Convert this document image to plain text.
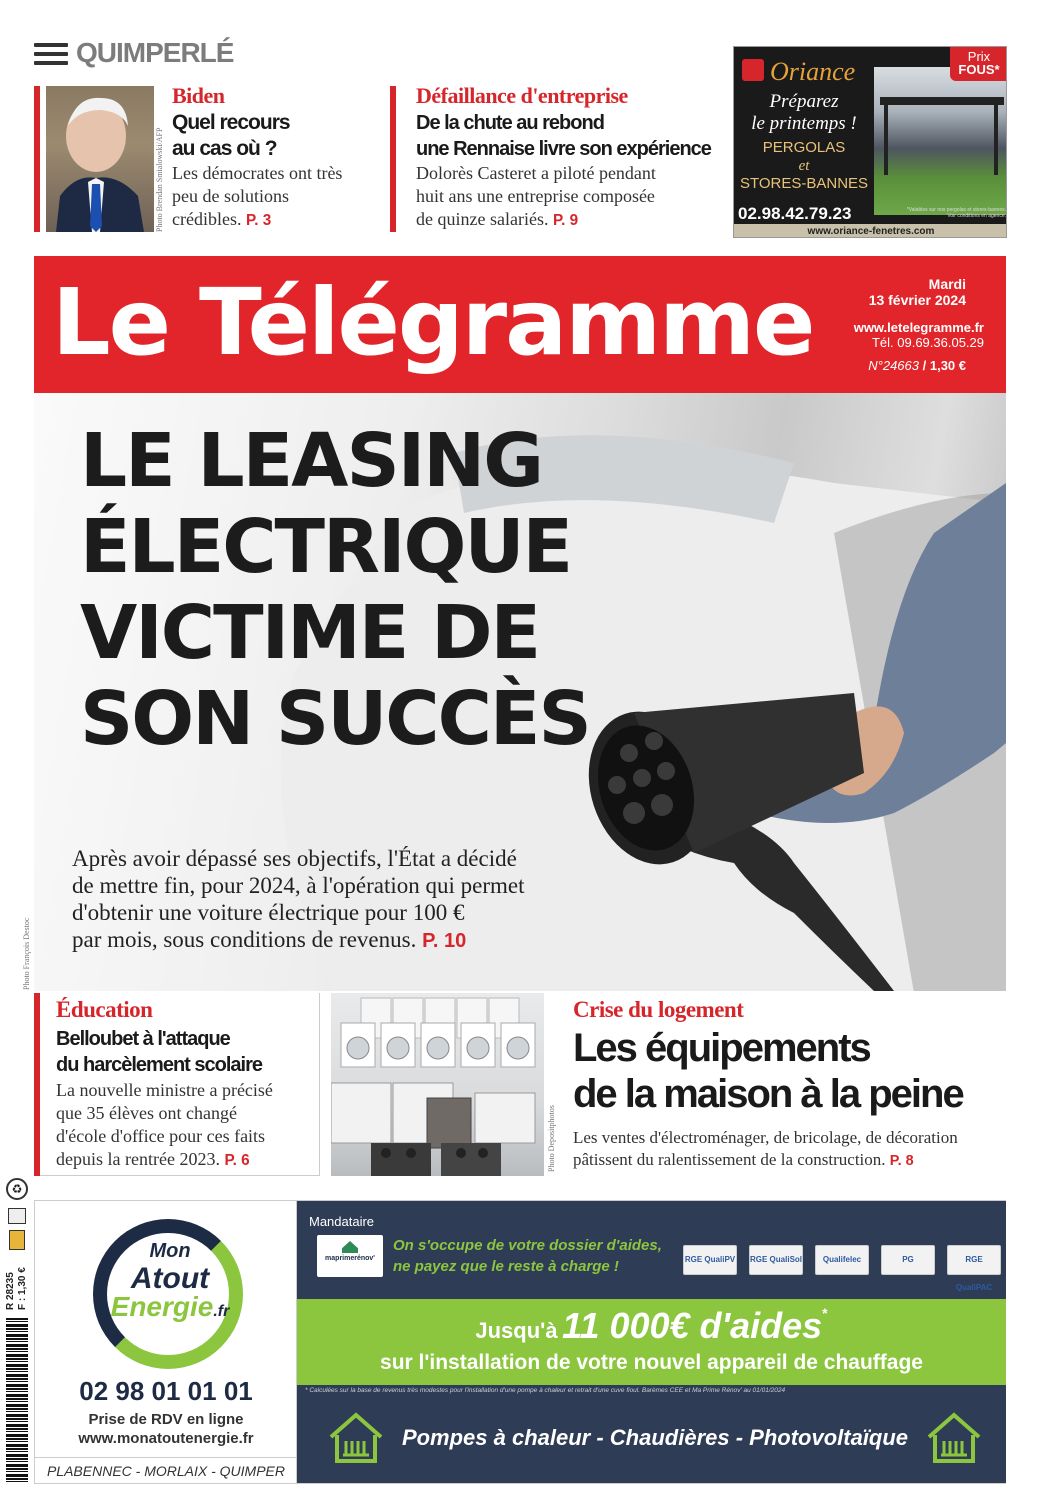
QUIMPERLÉ
Photo Brendan Smialowski/AFP
Biden
Quel recours
au cas où ?
Les démocrates ont très
peu de solutions
crédibles. P. 3
Défaillance d'entreprise
De la chute au rebond
une Rennaise livre son expérience
Dolorès Casteret a piloté pendant
huit ans une entreprise composée
de quinze salariés. P. 9
Prix
FOUS*
Oriance
Préparez
le printemps !
PERGOLAS
et
STORES-BANNES
02.98.42.79.23	*Valables sur nos pergolas et stores-bannes.
Voir conditions en agence.
www.oriance-fenetres.com
Le Télégramme	Mardi
13 février 2024
www.letelegramme.fr
Tél. 09.69.36.05.29
N°24663 / 1,30 €
LE LEASING
ÉLECTRIQUE
VICTIME DE
SON SUCCÈS
Après avoir dépassé ses objectifs, l'État a décidé
de mettre fin, pour 2024, à l'opération qui permet
d'obtenir une voiture électrique pour 100 €
par mois, sous conditions de revenus. P. 10
Photo François Destoc
Éducation
Belloubet à l'attaque
du harcèlement scolaire
La nouvelle ministre a précisé
que 35 élèves ont changé
d'école d'office pour ces faits
depuis la rentrée 2023. P. 6	Photo Depositphotos
Crise du logement
Les équipements
de la maison à la peine
Les ventes d'électroménager, de bricolage, de décoration
pâtissent du ralentissement de la construction. P. 8
♻
R 28235 F : 1,30 €
Mon
Atout
Energie.fr
02 98 01 01 01
Prise de RDV en ligne
www.monatoutenergie.fr
PLABENNEC - MORLAIX - QUIMPER
Mandataire
maprimerénov'
On s'occupe de votre dossier d'aides,
ne payez que le reste à charge !	RGE QualiPV RGE QualiSol	Qualifelec	PG	RGE QualiPAC
Jusqu'à 11 000€ d'aides*
sur l'installation de votre nouvel appareil de chauffage
* Calculées sur la base de revenus très modestes pour l'installation d'une pompe à chaleur et retrait d'une cuve fioul. Barèmes CEE et Ma Prime Rénov' au 01/01/2024
Pompes à chaleur - Chaudières - Photovoltaïque
